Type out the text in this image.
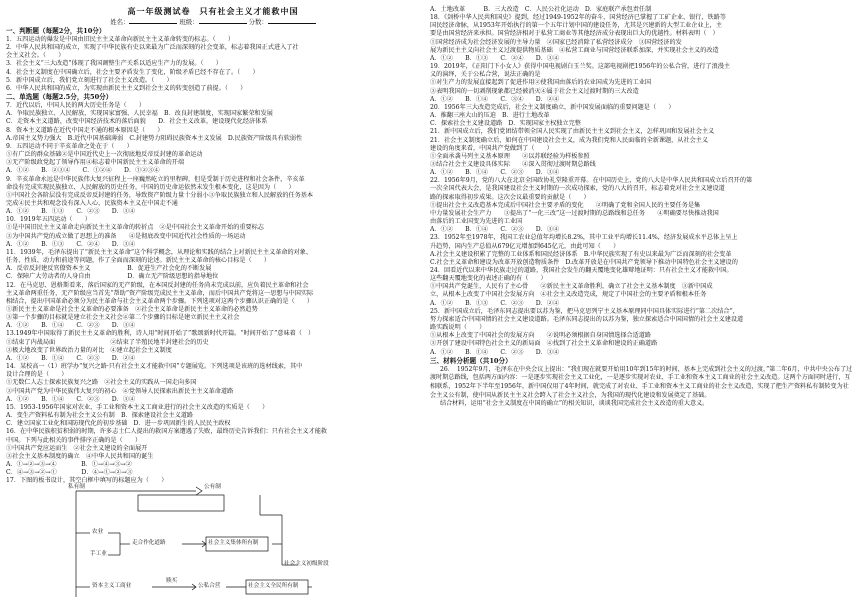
高一年级测试卷　只有社会主义才能救中国
姓名：	班级：	分数：
一、判断题（每题2分，共10分）
1．五四运动的爆发是中国由旧民主主义革命向新民主主义革命转变的标志。（　　）
2．中华人民共和国的成立，实现了中华民族有史以来最为广泛而深刻的社会变革，标志着我国正式进入了社
会主义社会。（　　）
3．社会主义“三大改造”体现了我国调整生产关系以适应生产力的发展。（　　）
4．社会主义制度在中国确立后，社会主要矛盾发生了变化，阶级矛盾已经不存在了。（　　）
5．新中国成立后，我们党立刻进行了社会主义改造。（　　）
6．中华人民共和国的成立，为实现由新民主主义到社会主义的转变创造了前提。（　　）
二、单选题（每题2.5分，共50分）
7．近代以后，中国人民的两大历史任务是（　　）
A．争取民族独立、人民解放，实现国家富强、人民幸福　B．改良封建制度，实现国家繁荣和发展
C．走资本主义道路，改变中国经济技术的落后面貌　　D．社会主义改革，建设现代化经济体系
8．资本主义道路在近代中国走不通的根本原因是（　　）
A.帝国主义势力强大　B.近代中国基础薄弱　C.封建势力阻碍民族资本主义发展　D.民族资产阶级具有软弱性
9．五四运动不同于辛亥革命之处在于（　　）
①有广泛的群众基础②是中国近代史上一次彻底地反帝反封建的革命运动
③无产阶级政党起了领导作用④标志着中国新民主主义革命的开端
A．①②　　B．②③④　　C．①②④　　D．①②③④
9．辛亥革命永远是中华民族伟大复兴征程上一座巍然屹立的里程碑，但是受制于历史进程和社会条件，辛亥革
命没有完成实现民族独立、人民解放的历史任务，中国的历史命运依然未发生根本变化，这是因为（　　）
①中国社会各阶层没有完成反帝反封建的任务，导致资产阶级力量十分弱小③争取民族独立和人民解放的任务基本
完成④民主共和观念没有深入人心，民族资本主义在中国走不通
A．①②　　B．①③　　C．②③　　D．③④
10．1919年五四运动（　　）
①是中国旧民主主义革命走向新民主主义革命的转折点　②是中国社会主义革命开始的重要标志
③为中国共产党的成立做了思想上的准备　　④是彻底改变中国近代社会性质的一场运动
A．①②　　B．①③　　C．②④　　D．③④
11．1939年，毛泽东提出了“新民主主义革命”这个科学概念，从理论和实践的结合上对新民主主义革命的对象、
任务、性质、动力和前途等问题，作了全面而深刻的论述。新民主主义革命的核心目标是（　　）
A．反帝反封建反官僚资本主义　　　　　　B．促进生产社会化的不断发展
C．保障广大劳动者的人身自由　　　　　　D．确立无产阶级思想的指导地位
12．在马克思、恩格斯看来，落后国家的无产阶级，在本国反封建的任务尚未完成以前，应负着民主革命和社会
主义革命两重任务，无产阶级应当首先“帮助”资产阶级完成民主主义革命，而后中国共产党将这一思想与中国实际
相结合，提出中国革命必须分为民主革命与社会主义革命两个步骤。下列选项对这两个步骤认识正确的是（　　）
①新民主主义革命是社会主义革命的必要准备　②社会主义革命是新民主主义革命的必然趋势
③第一个步骤的目标就是建立社会主义社会④第二个步骤的目标是建立新民主主义社会
A．①②　　B．①④　　C．②③　　D．③④
13.1949年中国取得了新民主主义革命的胜利，诗人用“时间开始了”歌颂新时代开篇。“时间开始了”意味着（　）
①结束了内战局面　　　　　　　　　②结束了半殖民地半封建社会的历史
③极大地改变了世界政治力量的对比　④建立起社会主义制度
A．①②　　B．①④　　C．②③　　D．②④
14．某校高一（1）班学办“复兴之路·只有社会主义才能救中国”专题展览。下列选项是该班的选材线索，其中
设计合理的是（　　）
①无数仁人志士探索民族复兴之路　②社会主义的实践从一国走向多国
③中国共产党为中华民族伟大复兴的初心　④党领导人民探索出新民主主义革命道路
A．①②　　B．①④　　C．②③　　D．③④
15．1953-1956年国家对农业、手工业和资本主义工商业进行的社会主义改造的实质是（　　）
A．变生产资料私有制为社会主义公有制　B．探索建设社会主义道路
C．建立国家工业化和国防现代化的初步基础　D．进一步巩固新生的人民民主政权
16．在中华民族积贫积弱的时期，许多志士仁人提出的救国方案遭遇了失败，最终历史告诉我们：只有社会主义才能救
中国。下列与此相关的事件排序正确的是（　　）
①中国共产党应运而生　②社会主义建设的全面展开
③社会主义基本制度的确立　④中华人民共和国的诞生
A．①→②→③→④　　　　B．①→④→③→②
C．④→③→②→①　　　　D．④→①→②→③
17．下图的板书设计，其空白框中填写的标题应为（　　）
私有制	公有制
农业
手工业
资本主义工商业
走合作化道路
赎买
公私合营
社会主义集体所有制
社会主义全民所有制
社会主义初级阶段
A．土地改革　　　B．三大改造　C．人民公社化运动　D．家庭联产承包责任制
18．《剑桥中华人民共和国史》提到，经过1949-1952年的奋斗，国营经济已掌握了工矿企业、银行、铁路等
国民经济命脉，从1953年开始执行的第一个五年计划中国的建设任务，尤其是兴建新的大型工业企业上，主
要是由国营经济来承担。国营经济相对于私营工商业等其他经济成分表现出巨大的优越性。材料表明（　）
①国营经济成为社会经济发展的主导力量　②国家已经消除了私营经济成分　③国营经济的发
展为新民主主义向社会主义过渡提供物质基础　④私营工商业与国营经济联系加深，并实现社会主义的改造
A．①②　　B．①③　　C．②④　　D．③④
19．2019年，《正阳门下小女人》获得中国电视剧白玉兰奖。这部电视剧把1956年的公私合营，进行了浪漫主
义的演绎，关于公私合营，说法正确的是
①对生产力的发展直接起到了促进作用②使我国由落后的农业国成为先进的工业国
③表明我国的一切剥削现象都已经被消灭④属于社会主义过渡时期的三大改造
A．①②　　B．①④　　C．③④　　D．②④
20．1956年三大改造完成后，社会主义制度确立，新中国发展面临的重要问题是（　　）
A．推翻三座大山的压迫　B．进行土地改革
C．探索社会主义建设道路　D．实现国家主权独立完整
21．新中国成立后，我们党团结带领全国人民实现了由新民主主义到社会主义，怎样巩固和发展社会主义
21．社会主义制度确立后，如何在中国建设社会主义，成为我们党和人民面临的全新课题，从社会主义
建设的角度来看，中国共产党做到了（　　）
①全面承袭马列主义基本原理　　②以苏联经验为样板参照
③结合社会主义建设具体实际　　④深入贯彻过渡时期总路线
A．①②　　B．①④　　C．②③　　D．③④
22．1956年9月，党的八大在北京全国政协礼堂隆重开幕。在中国历史上，党的八大是中华人民共和国成立后召开的第
一次全国代表大会，是我国建设社会主义时期的一次成功探索，党的八大的召开，标志着党对社会主义建设道
路的探索取得初步成果。这次会议最重要的贡献是（　　）
①提出社会主义改造基本完成后中国社会主要矛盾的变化　　②明确了党和全国人民的主要任务是集
中力量发展社会生产力　　③提出了“一化三改”这一过渡时期的总路线和总任务　　④明确要尽快推动我国
由落后的工业国变为先进的工业国
A．①②　　B．①④　　C．②③　　D．③④
23．1952年至1978年，我国工农业总值年均增长8.2%，其中工业平均增长11.4%，经济发展成水平总体上呈上
升趋势，国内生产总值从679亿元增加到645亿元，由此可知（　　）
A.社会主义建设积累了完整的工业体系和国民经济体系　B.中华民族实现了有史以来最为广泛而深刻的社会变革
C.社会主义革命和建设为改革开放创造物质条件　D.改革开放是在中国共产党领导下推动中国特色社会主义建设的
24．回看近代以来中华民族走过的道路，我国社会发生的翻天覆地变化雄辩地证明：只有社会主义才能救中国。
这些翻天覆地变化的表述正确的有（　　）
①中国共产党诞生，人民有了主心骨　　②新民主主义革命胜利，确立了社会主义基本制度　③新中国成
立，从根本上改变了中国社会发展方向　④社会主义改造完成，规定了中国社会的主要矛盾和根本任务
A．①②　　B．①③　　C．②③　　D．②④
25．新中国成立后，毛泽东同志提出要以苏为鉴，把马克思列宁主义基本原理同中国具体实际进行“第二次结合”，
努力探索适合中国国情的社会主义建设道路。毛泽东同志提出的以苏为鉴，独立探索适合中国国情的社会主义建设道
路实践说明（　　）
①从根本上改变了中国社会的发展方向　　②说明必须根据自身国情选择合适道路
③开创了建设中国特色社会主义的新局面　④找到了社会主义革命和建设的正确道路
A．①②　　B．①④　　C．②③　　D．③④
三、材料分析题（共10分）
26．　1952年9月，毛泽东在中央会议上提出：“我们现在就要开始用10年到15年的时间，基本上完成到社会主义的过渡，”第二年6月，中共中央公布了过渡时期总路线，包括两方面内容：一是逐步实现社会主义工业化，一是逐步实现对农业、手工业和资本主义工商业的社会主义改造。这两个方面同时进行，互相联系，1952年下半年至1956年，新中国仅用了4年时间，就完成了对农业、手工业和资本主义工商业的社会主义改造，实现了把生产资料私有制转变为社会主义公有制，使中国从新民主主义社会跨入了社会主义社会，为我国的现代化建设和发展奠定了基础。
结合材料，运用“社会主义制度在中国的确立”的相关知识，谈谈我国完成社会主义改造的重大意义。
